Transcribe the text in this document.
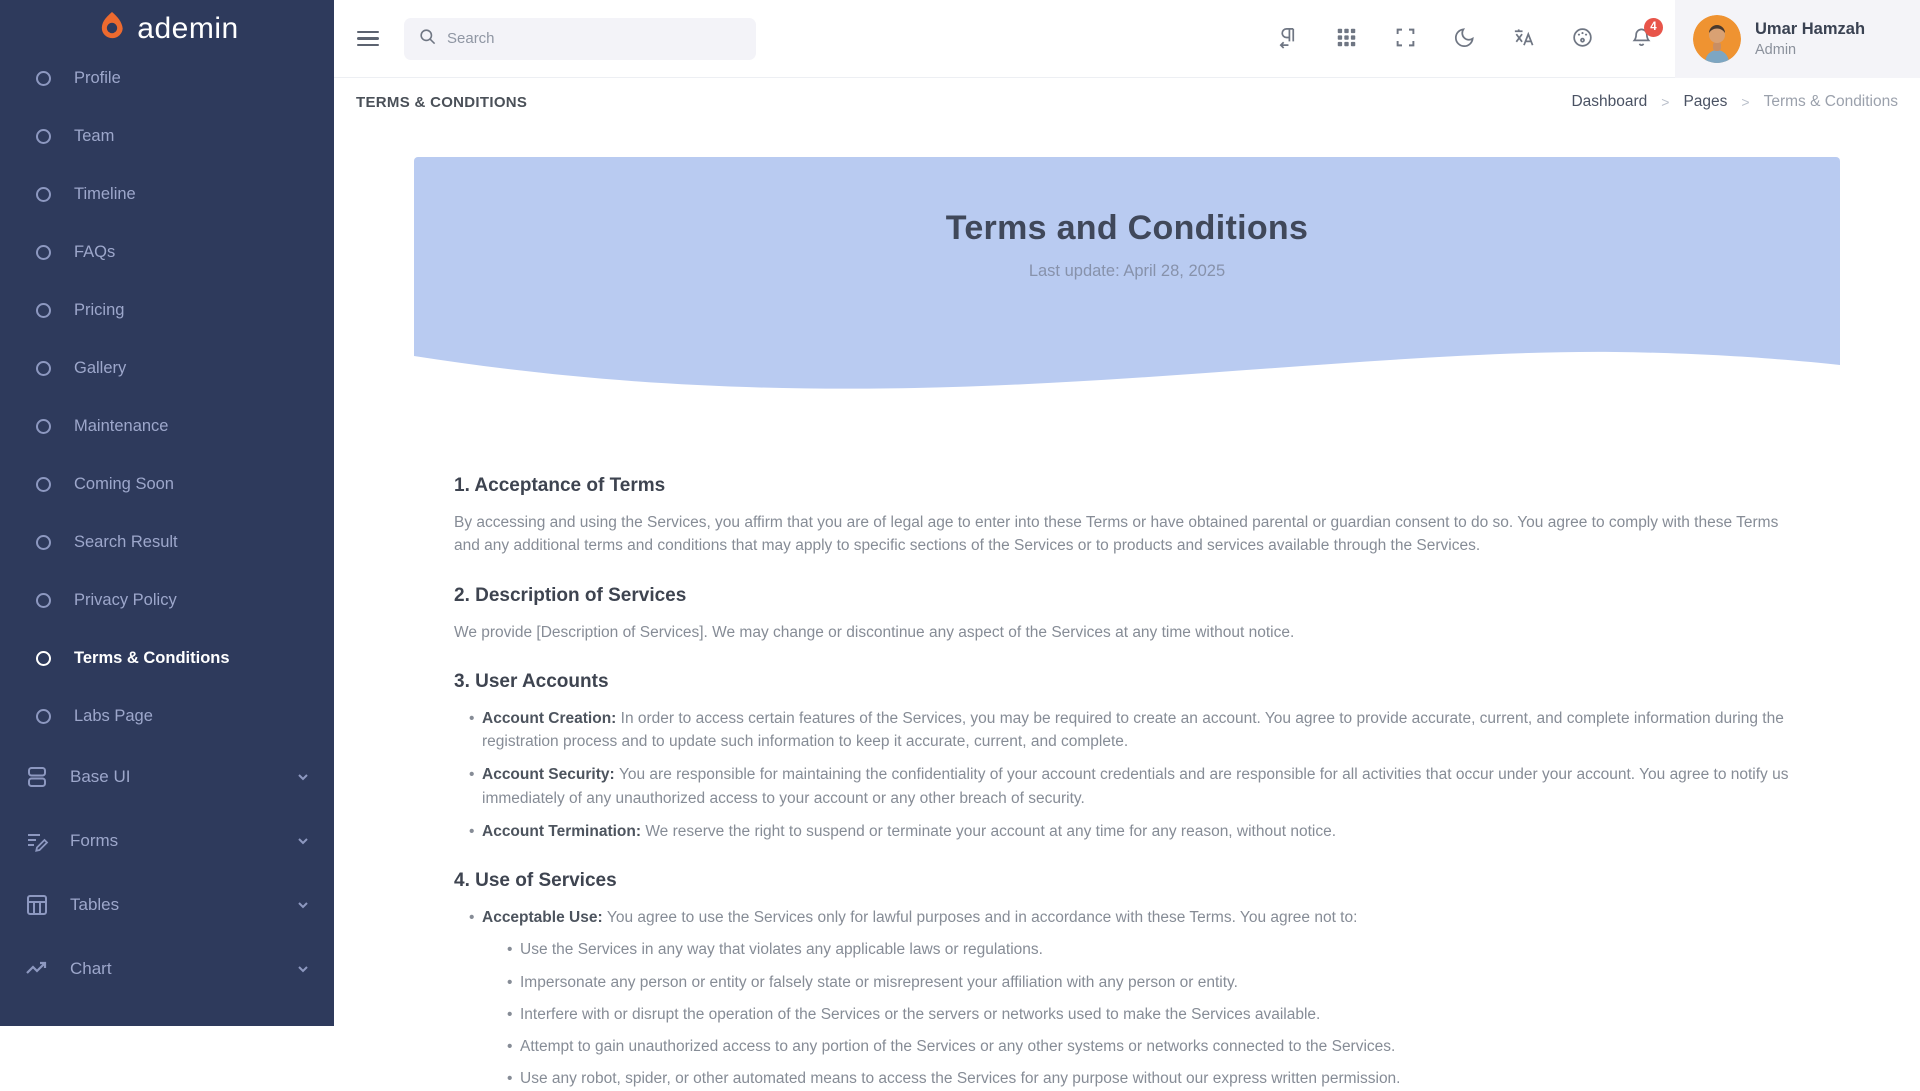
ademin
Profile
Team
Timeline
FAQs
Pricing
Gallery
Maintenance
Coming Soon
Search Result
Privacy Policy
Terms & Conditions
Labs Page
Base UI
Forms
Tables
Chart
Search
4	Umar Hamzah
Admin
TERMS & CONDITIONS	Dashboard > Pages > Terms & Conditions
Terms and Conditions

Last update: April 28, 2025

1. Acceptance of Terms

By accessing and using the Services, you affirm that you are of legal age to enter into these Terms or have obtained parental or guardian consent to do so. You agree to comply with these Terms and any additional terms and conditions that may apply to specific sections of the Services or to products and services available through the Services.

2. Description of Services

We provide [Description of Services]. We may change or discontinue any aspect of the Services at any time without notice.

3. User Accounts
• Account Creation: In order to access certain features of the Services, you may be required to create an account. You agree to provide accurate, current, and complete information during the registration process and to update such information to keep it accurate, current, and complete.
• Account Security: You are responsible for maintaining the confidentiality of your account credentials and are responsible for all activities that occur under your account. You agree to notify us immediately of any unauthorized access to your account or any other breach of security.
• Account Termination: We reserve the right to suspend or terminate your account at any time for any reason, without notice.
4. Use of Services
• Acceptable Use: You agree to use the Services only for lawful purposes and in accordance with these Terms. You agree not to:
• Use the Services in any way that violates any applicable laws or regulations.
• Impersonate any person or entity or falsely state or misrepresent your affiliation with any person or entity.
• Interfere with or disrupt the operation of the Services or the servers or networks used to make the Services available.
• Attempt to gain unauthorized access to any portion of the Services or any other systems or networks connected to the Services.
• Use any robot, spider, or other automated means to access the Services for any purpose without our express written permission.
